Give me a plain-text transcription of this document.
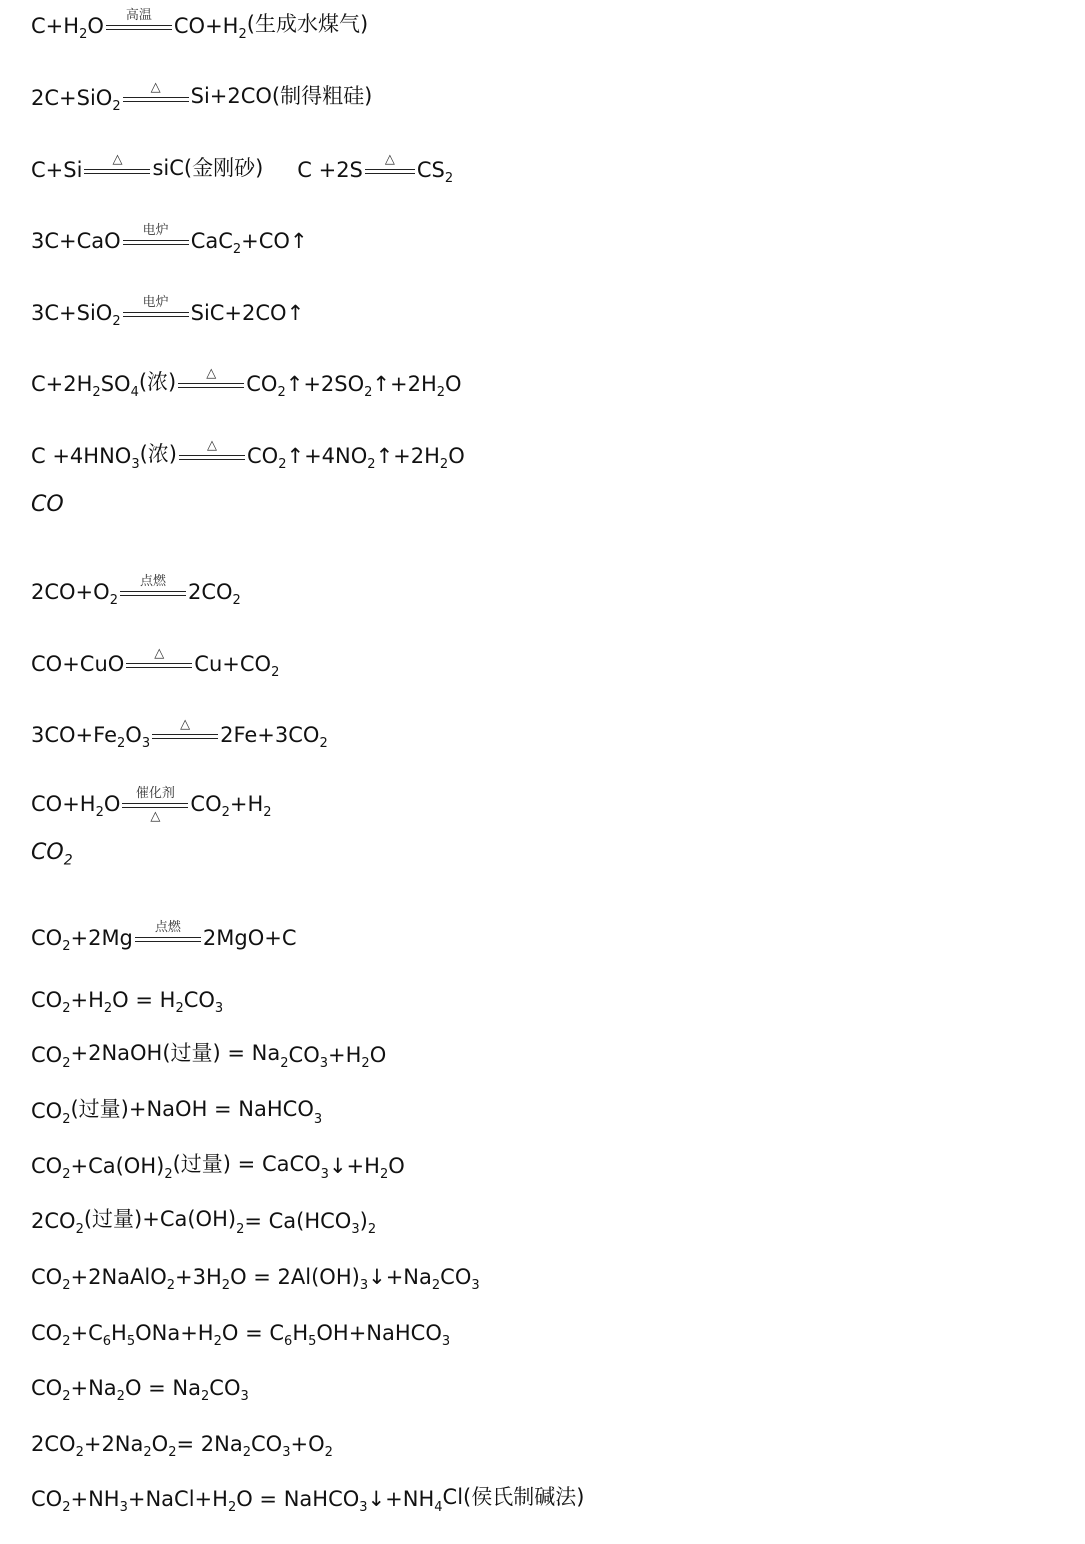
$C+H_2$ O 高温 $CO+H_2$ (生成水煤气)
2C+SiO$_2$
△ Si+2CO(制得粗硅)
C+Si △ siC(金刚砂) C +2S △ $CS_2$
3C+CaO 电炉 CaC$_2$ +CO↑
3C+SiO$_2$
电炉 SiC+2CO↑
$C+2H_2$ $SO_4$ (浓) △ $CO_2$ $↑+2SO_2$ $↑+2H_2$ O
$C +4HNO_3$ (浓) △ $CO_2$ $↑+4NO_2$ $↑+2H_2$ O
CO
$2CO+O_2$
点燃 $2CO_2$
CO+CuO △ $Cu+CO_2$
$3CO+Fe_2$ $O_3$
△ $2Fe+3CO_2$
$CO+H_2$ O 催化剂
△
$CO_2 +H_2$
$CO_2$
$CO_2 +2Mg$ 点燃 2MgO+C
$CO_2 +H_2$ $O = H_2$ $CO_3$
$CO_2$ +2NaOH(过量) = $Na_2$ $CO_3 +H_2$ O
$CO_2$ (过量)+NaOH = NaHCO$_3$
$CO_2 +Ca(OH)_2$ (过量) = CaCO$_3$ $↓+H_2$ O
$2CO_2$ (过量)$+Ca(OH)_2 = Ca(HCO_3$ )$_2$
$CO_2$ +2NaAlO$_2$ $+3H_2$ $O = 2Al(OH)_3$ $↓+Na_2$ $CO_3$
$CO_2 +C_6$ $H_5$ $ONa+H_2$ $O = C_6$ $H_5$ OH+NaHCO$_3$
$CO_2 +Na_2$ $O = Na_2$ $CO_3$
$2CO_2 +2Na_2$ $O_2 = 2Na_2$ $CO_3 +O_2$
$CO_2 +NH_3$ $+NaCl+H_2$ O = NaHCO$_3$ $↓+NH_4$ Cl(侯氏制碱法)
